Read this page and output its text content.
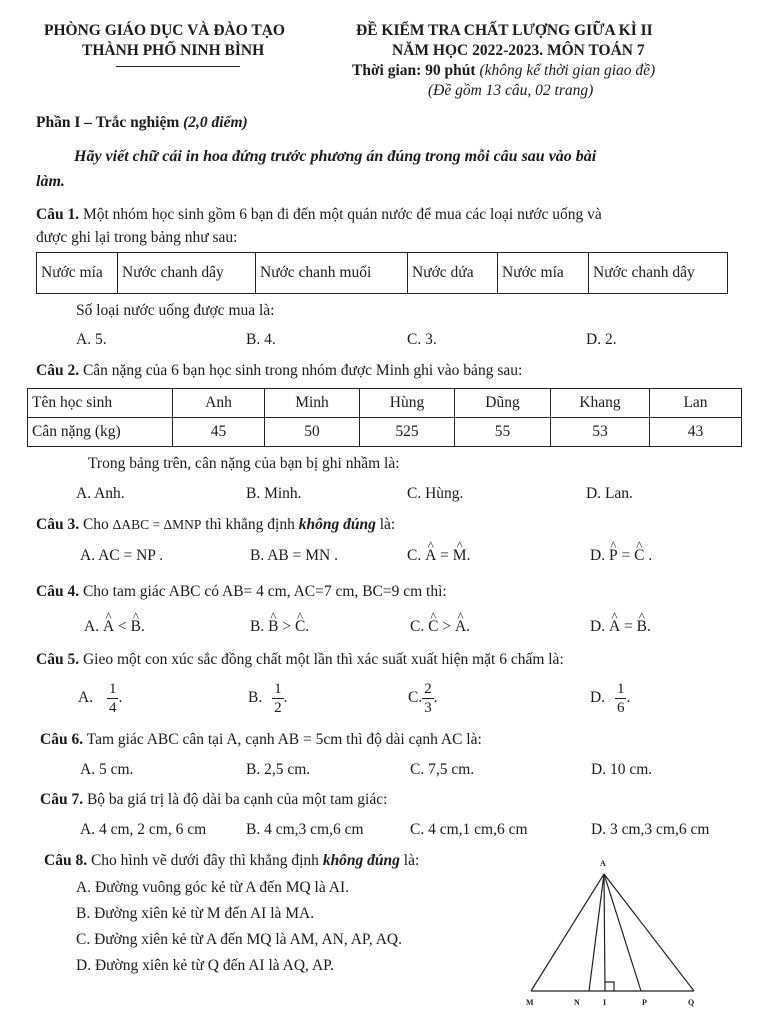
PHÒNG GIÁO DỤC VÀ ĐÀO TẠO
THÀNH PHỐ NINH BÌNH
ĐỀ KIỂM TRA CHẤT LƯỢNG GIỮA KÌ II
NĂM HỌC 2022-2023. MÔN TOÁN 7
Thời gian: 90 phút (không kể thời gian giao đề)
(Đề gồm 13 câu, 02 trang)
Phần I – Trắc nghiệm (2,0 điểm)
Hãy viết chữ cái in hoa đứng trước phương án đúng trong mỗi câu sau vào bài
làm.
Câu 1. Một nhóm học sinh gồm 6 bạn đi đến một quán nước để mua các loại nước uống và
được ghi lại trong bảng như sau:
Nước mía	Nước chanh dây	Nước chanh muối	Nước dứa	Nước mía	Nước chanh dây
Số loại nước uống được mua là:
A. 5.	B. 4.	C. 3.	D. 2.
Câu 2. Cân nặng của 6 bạn học sinh trong nhóm được Minh ghi vào bảng sau:
Tên học sinh	Anh	Minh	Hùng	Dũng	Khang	Lan
Cân nặng (kg)	45	50	525	55	53	43
Trong bảng trên, cân nặng của bạn bị ghi nhầm là:
A. Anh.	B. Minh.	C. Hùng.	D. Lan.
Câu 3. Cho ΔABC = ΔMNP thì khẳng định không đúng là:
A. AC = NP .	B. AB = MN .	C. ^ A = ^ M.	D. ^ P = ^ C .
Câu 4. Cho tam giác ABC có AB= 4 cm, AC=7 cm, BC=9 cm thì:
A. ^ A < ^ B.	B. ^ B > ^ C.	C. ^ C > ^ A.	D. ^ A = ^ B.
Câu 5. Gieo một con xúc sắc đồng chất một lần thì xác suất xuất hiện mặt 6 chấm là:
A. $\frac{1}{4}$ .	B. $\frac{1}{2}$ .	C. $\frac{2}{3}$ .	D. $\frac{1}{6}$ .
Câu 6. Tam giác ABC cân tại A, cạnh AB = 5cm thì độ dài cạnh AC là:
A. 5 cm.	B. 2,5 cm.	C. 7,5 cm.	D. 10 cm.
Câu 7. Bộ ba giá trị là độ dài ba cạnh của một tam giác:
A. 4 cm, 2 cm, 6 cm	B. 4 cm,3 cm,6 cm	C. 4 cm,1 cm,6 cm	D. 3 cm,3 cm,6 cm
Câu 8. Cho hình vẽ dưới đây thì khẳng định không đúng là:
A. Đường vuông góc kẻ từ A đến MQ là AI.
B. Đường xiên kẻ từ M đến AI là MA.
C. Đường xiên kẻ từ A đến MQ là AM, AN, AP, AQ.
D. Đường xiên kẻ từ Q đến AI là AQ, AP.
A
M	N	I	P	Q
